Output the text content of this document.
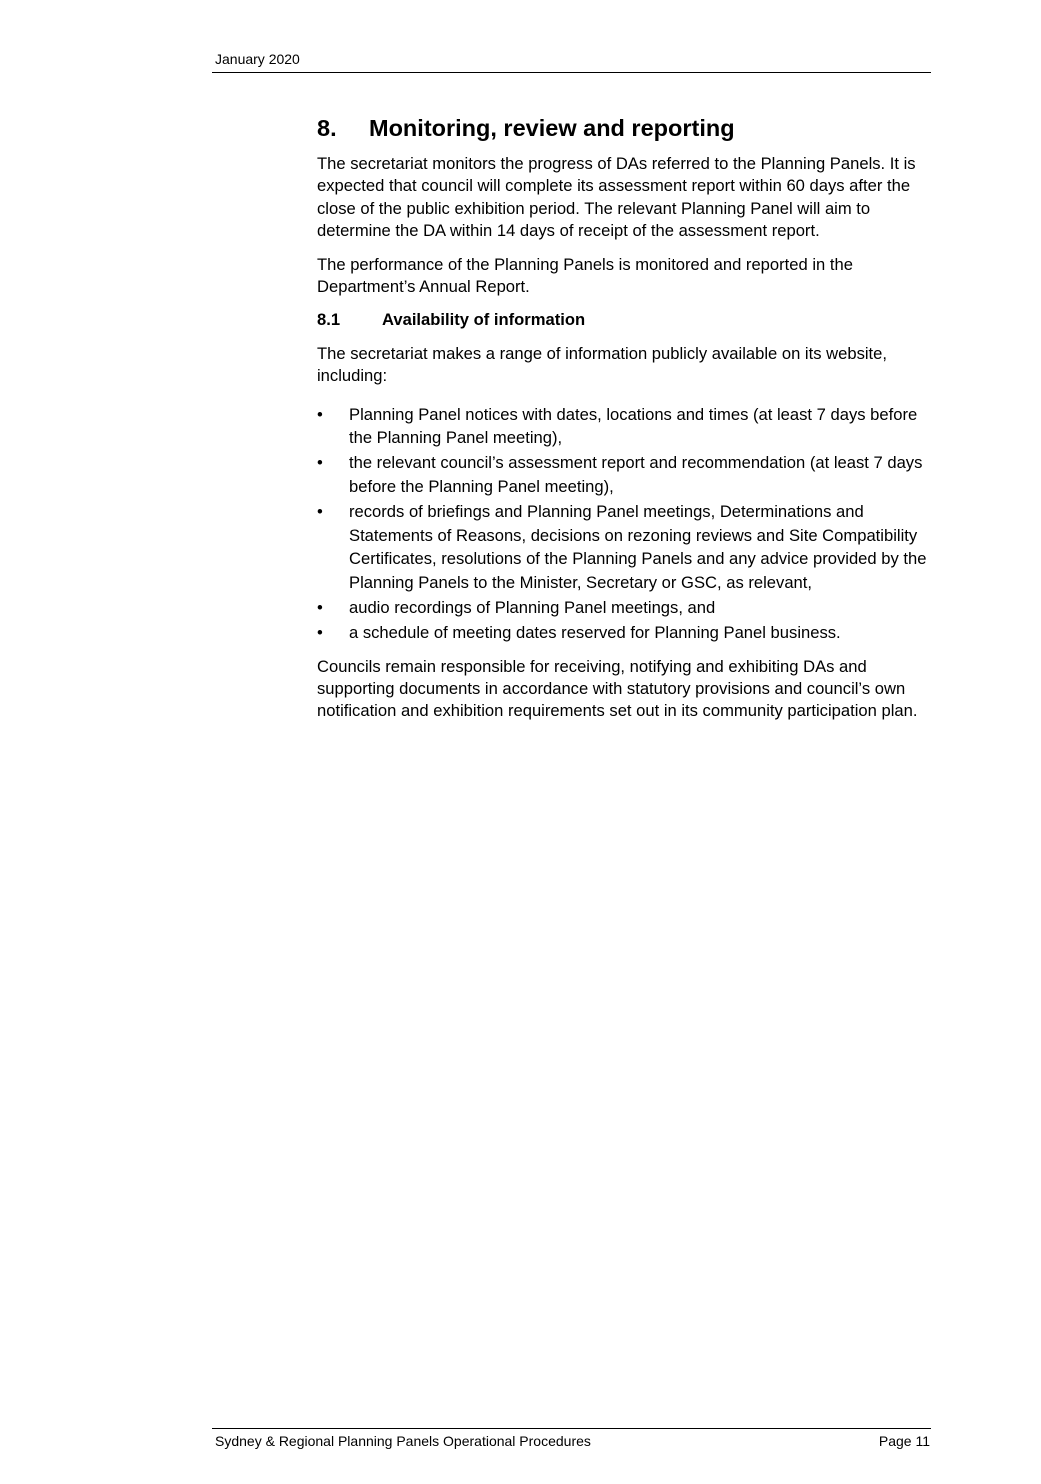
January 2020
8.	Monitoring, review and reporting

The secretariat monitors the progress of DAs referred to the Planning Panels. It is expected that council will complete its assessment report within 60 days after the close of the public exhibition period. The relevant Planning Panel will aim to determine the DA within 14 days of receipt of the assessment report.

The performance of the Planning Panels is monitored and reported in the Department’s Annual Report.

8.1	Availability of information

The secretariat makes a range of information publicly available on its website, including:

•	Planning Panel notices with dates, locations and times (at least 7 days before the Planning Panel meeting),
•	the relevant council’s assessment report and recommendation (at least 7 days before the Planning Panel meeting),
•	records of briefings and Planning Panel meetings, Determinations and Statements of Reasons, decisions on rezoning reviews and Site Compatibility Certificates, resolutions of the Planning Panels and any advice provided by the Planning Panels to the Minister, Secretary or GSC, as relevant,
•	audio recordings of Planning Panel meetings, and
•	a schedule of meeting dates reserved for Planning Panel business.

Councils remain responsible for receiving, notifying and exhibiting DAs and supporting documents in accordance with statutory provisions and council’s own notification and exhibition requirements set out in its community participation plan.

Sydney & Regional Planning Panels Operational Procedures	Page 11
